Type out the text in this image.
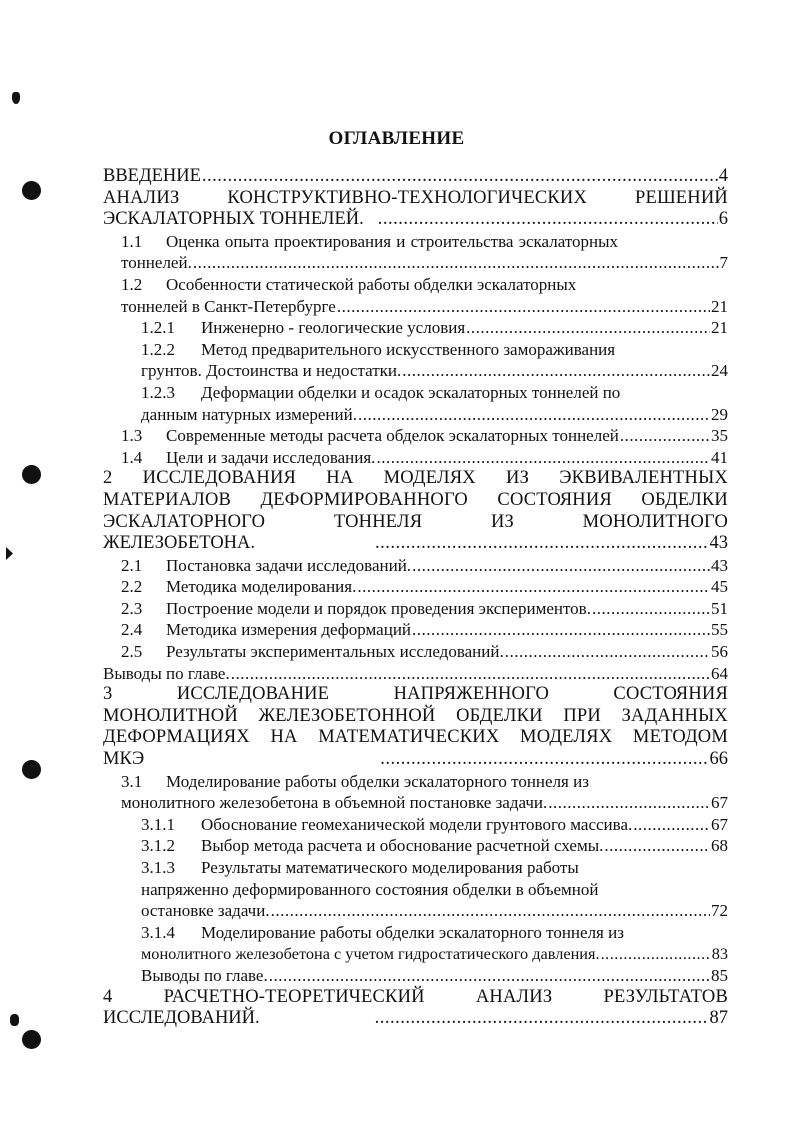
ОГЛАВЛЕНИЕ
ВВЕДЕНИЕ .....	4
АНАЛИЗ КОНСТРУКТИВНО-ТЕХНОЛОГИЧЕСКИХ РЕШЕНИЙ
ЭСКАЛАТОРНЫХ ТОННЕЛЕЙ. .....	6
1.1 Оценка опыта проектирования и строительства эскалаторных
тоннелей. .....	7
1.2 Особенности статической работы обделки эскалаторных
тоннелей в Санкт-Петербурге .....	21
1.2.1	Инженерно - геологические условия .....	21
1.2.2 Метод предварительного искусственного замораживания
грунтов. Достоинства и недостатки. .....	24
1.2.3 Деформации обделки и осадок эскалаторных тоннелей по
данным натурных измерений. .....	29
1.3	Современные методы расчета обделок эскалаторных тоннелей .....	35
1.4	Цели и задачи исследования. .....	41
2 ИССЛЕДОВАНИЯ НА МОДЕЛЯХ ИЗ ЭКВИВАЛЕНТНЫХ
МАТЕРИАЛОВ ДЕФОРМИРОВАННОГО СОСТОЯНИЯ ОБДЕЛКИ
ЭСКАЛАТОРНОГО ТОННЕЛЯ ИЗ МОНОЛИТНОГО
ЖЕЛЕЗОБЕТОНА. .....	43
2.1	Постановка задачи исследований. .....	43
2.2	Методика моделирования. .....	45
2.3	Построение модели и порядок проведения экспериментов. .....	51
2.4	Методика измерения деформаций .....	55
2.5	Результаты экспериментальных исследований. .....	56
Выводы по главе. .....	64
3 ИССЛЕДОВАНИЕ НАПРЯЖЕННОГО СОСТОЯНИЯ
МОНОЛИТНОЙ ЖЕЛЕЗОБЕТОННОЙ ОБДЕЛКИ ПРИ ЗАДАННЫХ
ДЕФОРМАЦИЯХ НА МАТЕМАТИЧЕСКИХ МОДЕЛЯХ МЕТОДОМ
МКЭ .....	66
3.1 Моделирование работы обделки эскалаторного тоннеля из
монолитного железобетона в объемной постановке задачи. .....	67
3.1.1	Обоснование геомеханической модели грунтового массива. .....	67
3.1.2	Выбор метода расчета и обоснование расчетной схемы. .....	68
3.1.3 Результаты математического моделирования работы
напряженно деформированного состояния обделки в объемной
остановке задачи. .....	72
3.1.4 Моделирование работы обделки эскалаторного тоннеля из
монолитного железобетона с учетом гидростатического давления. .....	83
Выводы по главе. .....	85
4 РАСЧЕТНО-ТЕОРЕТИЧЕСКИЙ АНАЛИЗ РЕЗУЛЬТАТОВ
ИССЛЕДОВАНИЙ. .....	87
